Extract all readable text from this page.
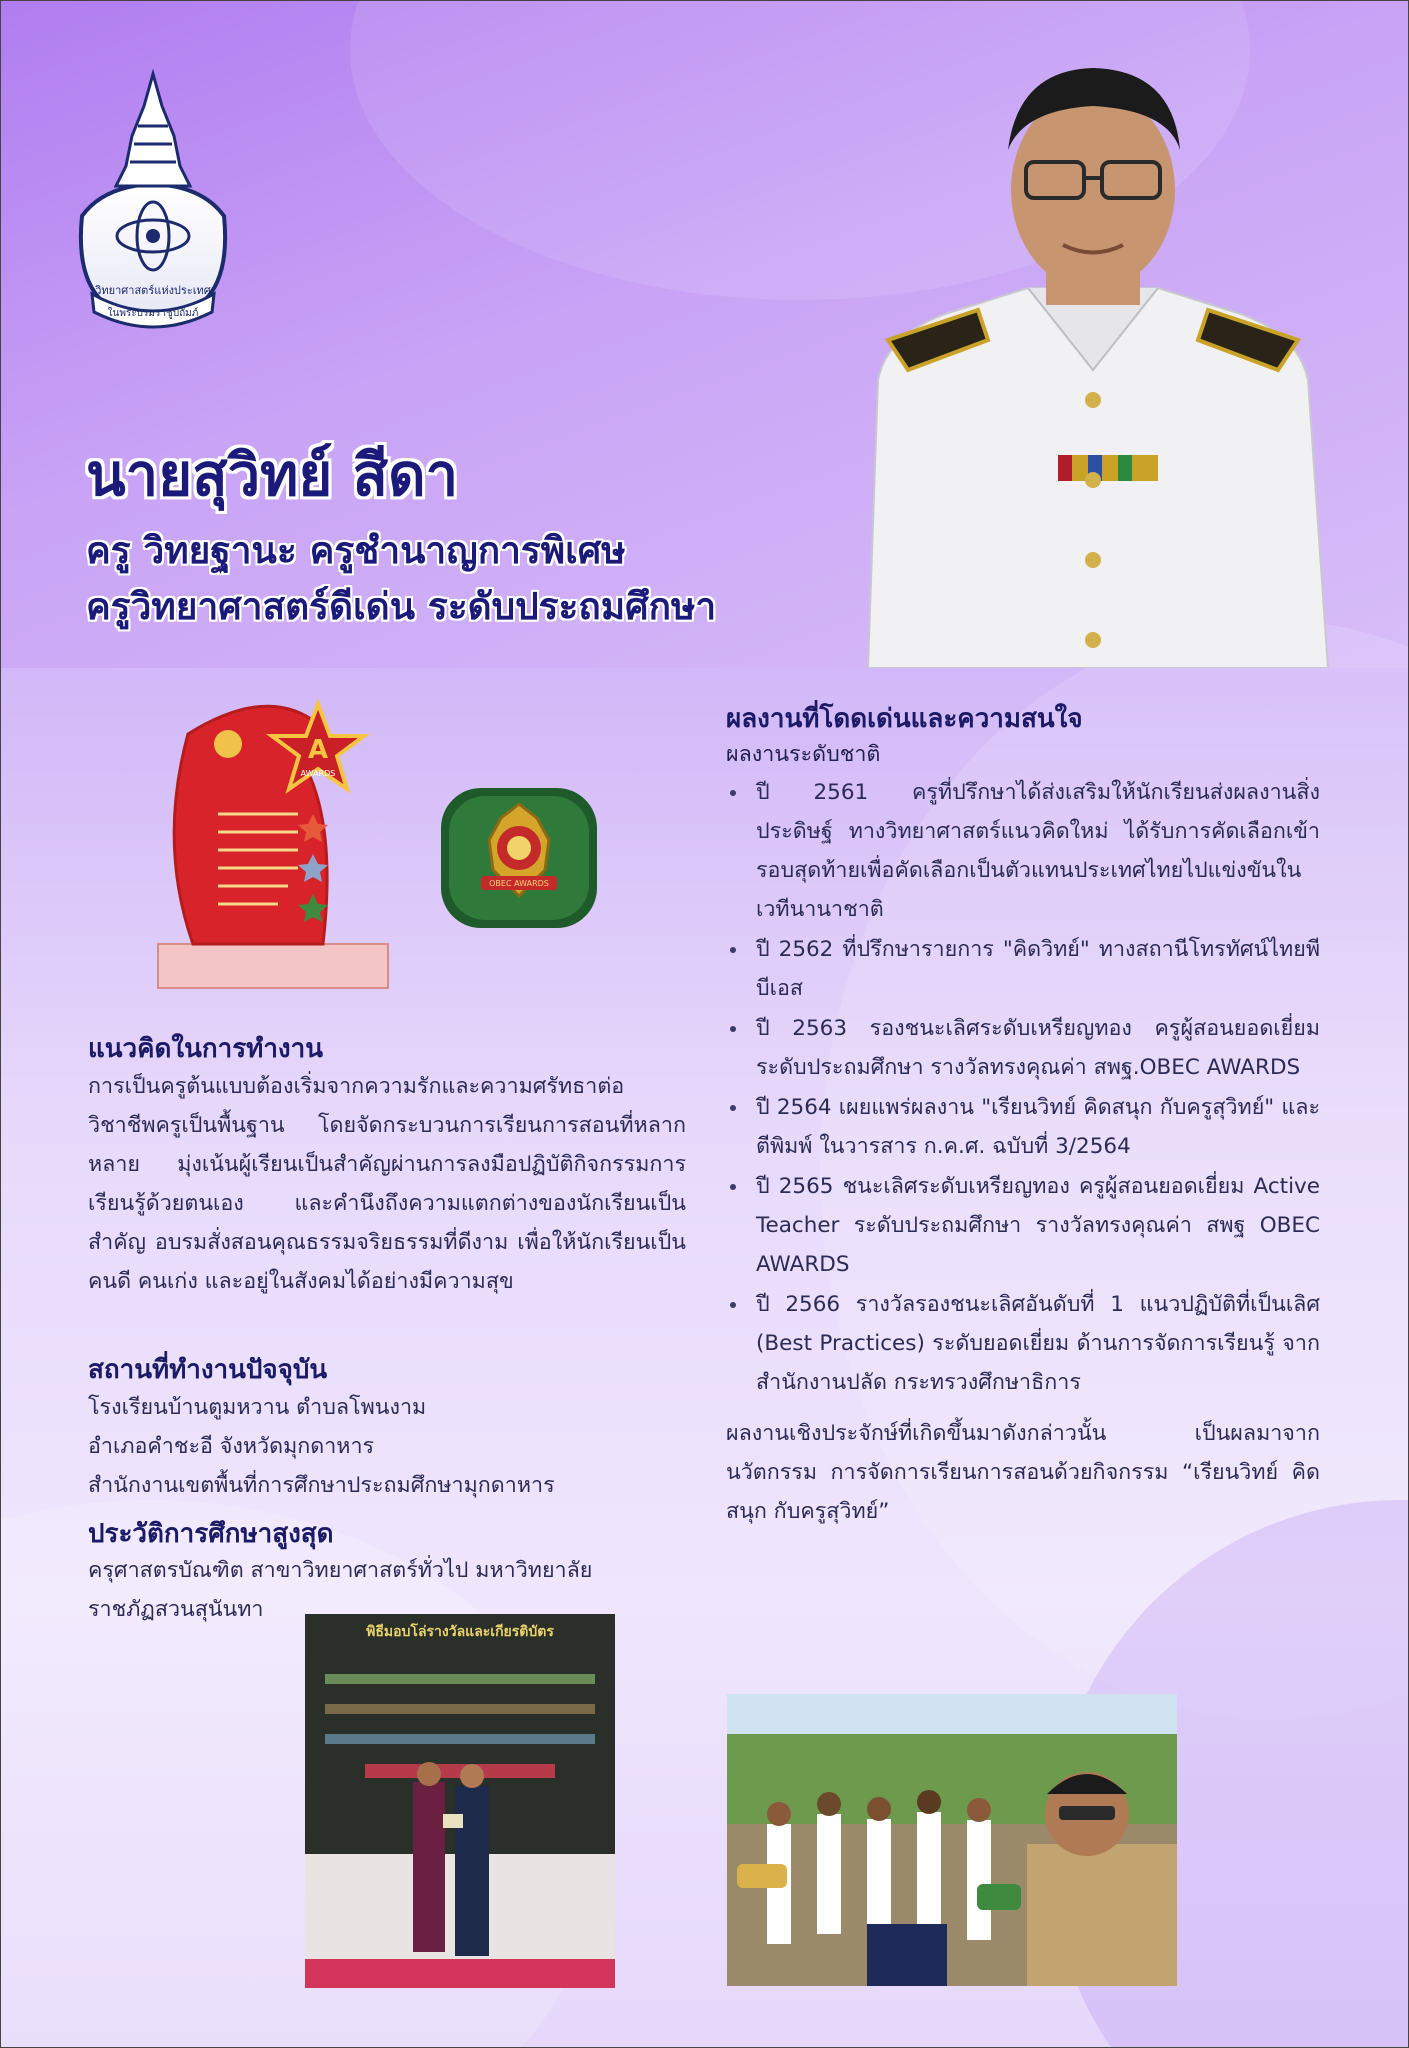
วิทยาศาสตร์แห่งประเทศ
ในพระบรมราชูปถัมภ์
นายสุวิทย์ สีดา
ครู วิทยฐานะ ครูชำนาญการพิเศษ
ครูวิทยาศาสตร์ดีเด่น ระดับประถมศึกษา
A
AWARDS
OBEC AWARDS
แนวคิดในการทำงาน

การเป็นครูต้นแบบต้องเริ่มจากความรักและความศรัทธาต่อวิชาชีพครูเป็นพื้นฐาน โดยจัดกระบวนการเรียนการสอนที่หลากหลาย มุ่งเน้นผู้เรียนเป็นสำคัญผ่านการลงมือปฏิบัติกิจกรรมการเรียนรู้ด้วยตนเอง และคำนึงถึงความแตกต่างของนักเรียนเป็นสำคัญ อบรมสั่งสอนคุณธรรมจริยธรรมที่ดีงาม เพื่อให้นักเรียนเป็นคนดี คนเก่ง และอยู่ในสังคมได้อย่างมีความสุข

สถานที่ทำงานปัจจุบัน
โรงเรียนบ้านตูมหวาน ตำบลโพนงาม
อำเภอคำชะอี จังหวัดมุกดาหาร
สำนักงานเขตพื้นที่การศึกษาประถมศึกษามุกดาหาร
ประวัติการศึกษาสูงสุด
ครุศาสตรบัณฑิต สาขาวิทยาศาสตร์ทั่วไป มหาวิทยาลัย
ราชภัฏสวนสุนันทา
ผลงานที่โดดเด่นและความสนใจ

ผลงานระดับชาติ

ปี 2561 ครูที่ปรึกษาได้ส่งเสริมให้นักเรียนส่งผลงานสิ่งประดิษฐ์ ทางวิทยาศาสตร์แนวคิดใหม่ ได้รับการคัดเลือกเข้ารอบสุดท้ายเพื่อคัดเลือกเป็นตัวแทนประเทศไทยไปแข่งขันในเวทีนานาชาติ
ปี 2562 ที่ปรึกษารายการ "คิดวิทย์" ทางสถานีโทรทัศน์ไทยพีบีเอส
ปี 2563 รองชนะเลิศระดับเหรียญทอง ครูผู้สอนยอดเยี่ยม ระดับประถมศึกษา รางวัลทรงคุณค่า สพฐ.OBEC AWARDS
ปี 2564 เผยแพร่ผลงาน "เรียนวิทย์ คิดสนุก กับครูสุวิทย์" และตีพิมพ์ ในวารสาร ก.ค.ศ. ฉบับที่ 3/2564
ปี 2565 ชนะเลิศระดับเหรียญทอง ครูผู้สอนยอดเยี่ยม Active Teacher ระดับประถมศึกษา รางวัลทรงคุณค่า สพฐ OBEC AWARDS
ปี 2566 รางวัลรองชนะเลิศอันดับที่ 1 แนวปฏิบัติที่เป็นเลิศ (Best Practices) ระดับยอดเยี่ยม ด้านการจัดการเรียนรู้ จากสำนักงานปลัด กระทรวงศึกษาธิการ

ผลงานเชิงประจักษ์ที่เกิดขึ้นมาดังกล่าวนั้น เป็นผลมาจากนวัตกรรม การจัดการเรียนการสอนด้วยกิจกรรม “เรียนวิทย์ คิดสนุก กับครูสุวิทย์”

พิธีมอบโล่รางวัลและเกียรติบัตร
